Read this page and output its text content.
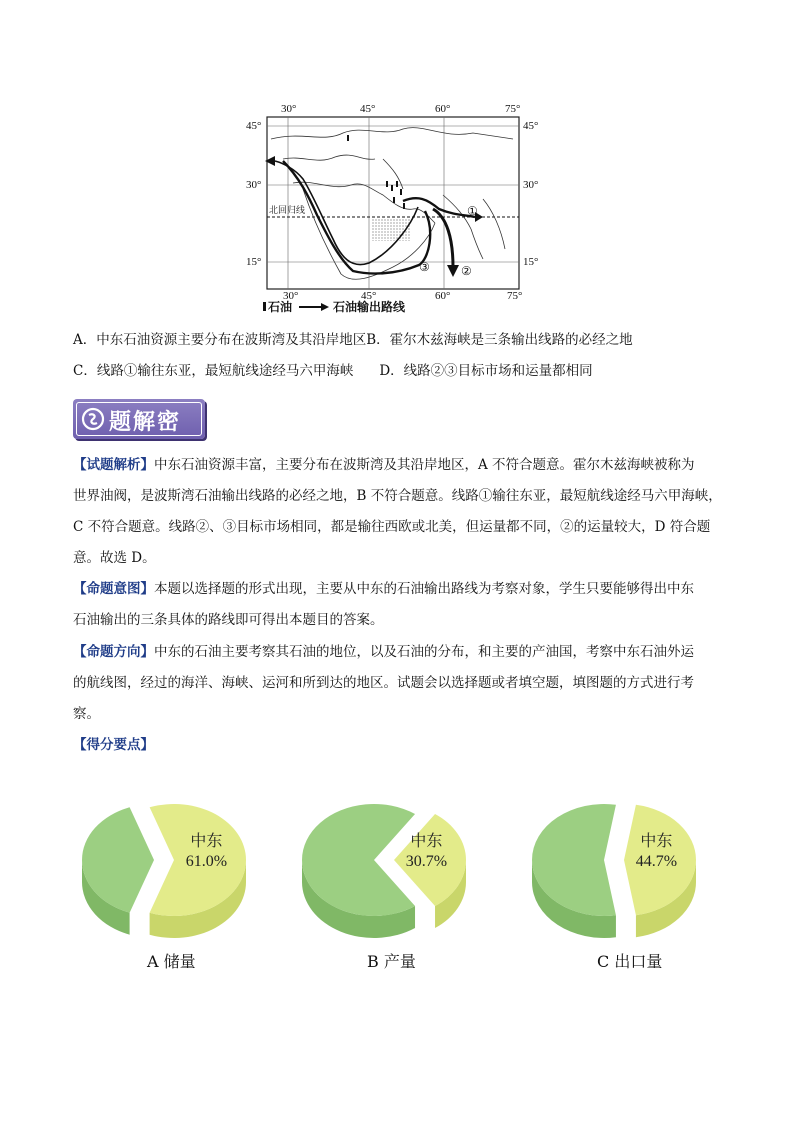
①
②
③
北回归线
30°	45°	60°	75°
30°	45°	60°	75°
45°
30°
15°
45°
30°
15°
石油	石油输出路线
A．中东石油资源主要分布在波斯湾及其沿岸地区B．霍尔木兹海峡是三条输出线路的必经之地
C．线路①输往东亚，最短航线途经马六甲海峡 D．线路②③目标市场和运量都相同
题解密
【试题解析】中东石油资源丰富，主要分布在波斯湾及其沿岸地区，A 不符合题意。霍尔木兹海峡被称为
世界油阀，是波斯湾石油输出线路的必经之地，B 不符合题意。线路①输往东亚，最短航线途经马六甲海峡，
C 不符合题意。线路②、③目标市场相同，都是输往西欧或北美，但运量都不同，②的运量较大，D 符合题
意。故选 D。
【命题意图】本题以选择题的形式出现，主要从中东的石油输出路线为考察对象，学生只要能够得出中东
石油输出的三条具体的路线即可得出本题目的答案。
【命题方向】中东的石油主要考察其石油的地位，以及石油的分布，和主要的产油国，考察中东石油外运
的航线图，经过的海洋、海峡、运河和所到达的地区。试题会以选择题或者填空题，填图题的方式进行考
察。
【得分要点】
中东
61.0%
中东
30.7%
中东
44.7%
A 储量	B 产量	C 出口量
